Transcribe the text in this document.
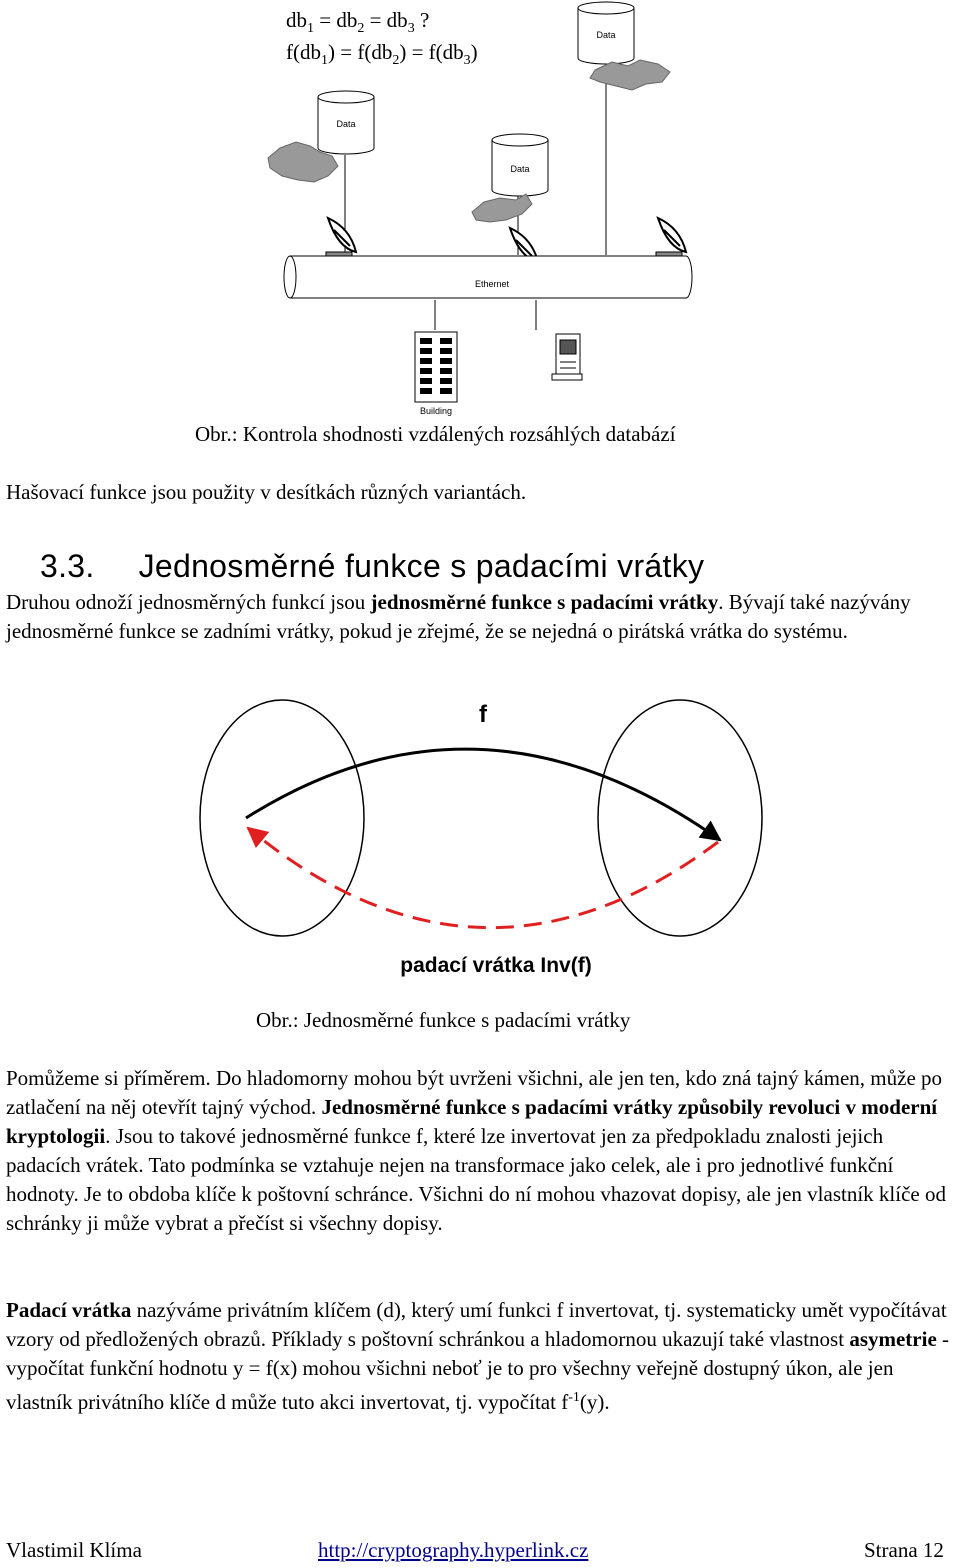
$db_1 = db_2 = db_3$ ?
$f(db_1) = f(db_2) = f(db_3)$
Data
Data
Data
Ethernet
Building
Obr.: Kontrola shodnosti vzdálených rozsáhlých databází
Hašovací funkce jsou použity v desítkách různých variantách.
3.3. Jednosměrné funkce s padacími vrátky
Druhou odnoží jednosměrných funkcí jsou jednosměrné funkce s padacími vrátky. Bývají také nazývány jednosměrné funkce se zadními vrátky, pokud je zřejmé, že se nejedná o pirátská vrátka do systému.
f
padací vrátka Inv(f)
Obr.: Jednosměrné funkce s padacími vrátky
Pomůžeme si příměrem. Do hladomorny mohou být uvrženi všichni, ale jen ten, kdo zná tajný kámen, může po zatlačení na něj otevřít tajný východ. Jednosměrné funkce s padacími vrátky způsobily revoluci v moderní kryptologii. Jsou to takové jednosměrné funkce f, které lze invertovat jen za předpokladu znalosti jejich padacích vrátek. Tato podmínka se vztahuje nejen na transformace jako celek, ale i pro jednotlivé funkční hodnoty. Je to obdoba klíče k poštovní schránce. Všichni do ní mohou vhazovat dopisy, ale jen vlastník klíče od schránky ji může vybrat a přečíst si všechny dopisy.
Padací vrátka nazýváme privátním klíčem (d), který umí funkci f invertovat, tj. systematicky umět vypočítávat vzory od předložených obrazů. Příklady s poštovní schránkou a hladomornou ukazují také vlastnost asymetrie - vypočítat funkční hodnotu y = f(x) mohou všichni neboť je to pro všechny veřejně dostupný úkon, ale jen vlastník privátního klíče d může tuto akci invertovat, tj. vypočítat $f^{-1}(y)$.
Vlastimil Klíma	http://cryptography.hyperlink.cz	Strana 12
